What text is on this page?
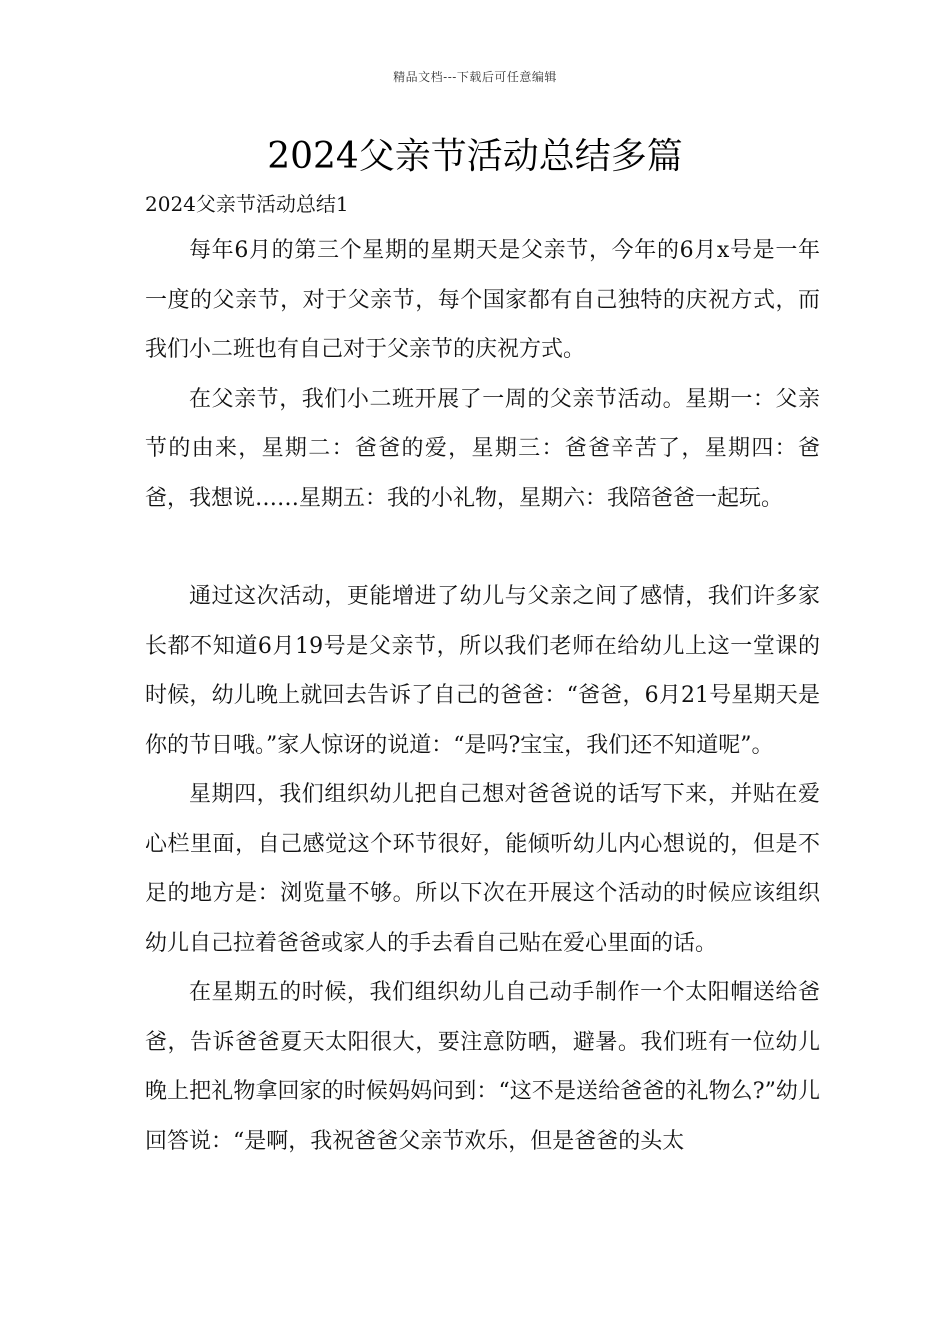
精品文档---下载后可任意编辑
2024父亲节活动总结多篇
2024父亲节活动总结1

每年6月的第三个星期的星期天是父亲节，今年的6月x号是一年一度的父亲节，对于父亲节，每个国家都有自己独特的庆祝方式，而我们小二班也有自己对于父亲节的庆祝方式。

在父亲节，我们小二班开展了一周的父亲节活动。星期一：父亲节的由来，星期二：爸爸的爱，星期三：爸爸辛苦了，星期四：爸爸，我想说……星期五：我的小礼物，星期六：我陪爸爸一起玩。

通过这次活动，更能增进了幼儿与父亲之间了感情，我们许多家长都不知道6月19号是父亲节，所以我们老师在给幼儿上这一堂课的时候，幼儿晚上就回去告诉了自己的爸爸：“爸爸，6月21号星期天是你的节日哦。”家人惊讶的说道：“是吗?宝宝，我们还不知道呢”。

星期四，我们组织幼儿把自己想对爸爸说的话写下来，并贴在爱心栏里面，自己感觉这个环节很好，能倾听幼儿内心想说的，但是不足的地方是：浏览量不够。所以下次在开展这个活动的时候应该组织幼儿自己拉着爸爸或家人的手去看自己贴在爱心里面的话。

在星期五的时候，我们组织幼儿自己动手制作一个太阳帽送给爸爸，告诉爸爸夏天太阳很大，要注意防晒，避暑。我们班有一位幼儿晚上把礼物拿回家的时候妈妈问到：“这不是送给爸爸的礼物么?”幼儿回答说：“是啊，我祝爸爸父亲节欢乐，但是爸爸的头太
